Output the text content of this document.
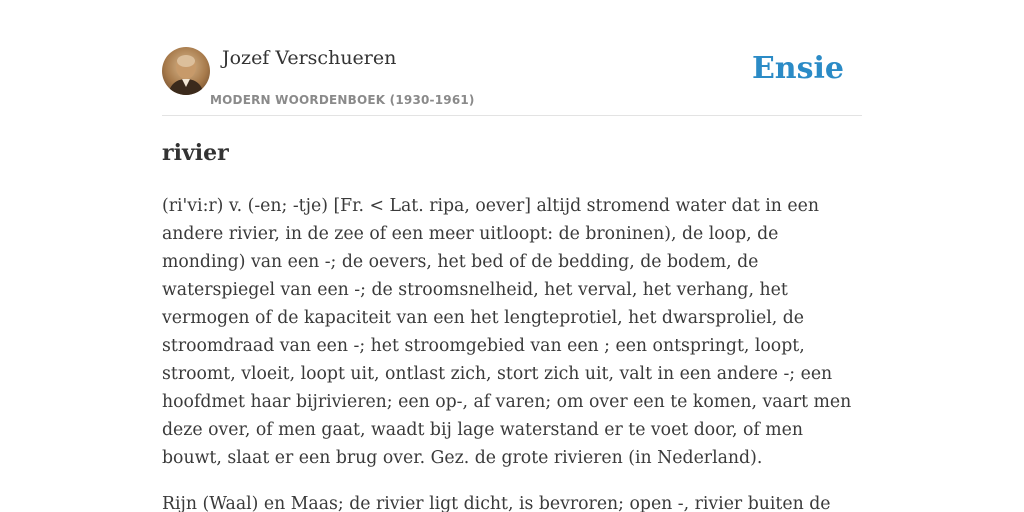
Jozef Verschueren
MODERN WOORDENBOEK (1930-1961)
Ensie
rivier

(ri'vi:r) v. (-en; -tje) [Fr. < Lat. ripa, oever] altijd stromend water dat in een andere rivier, in de zee of een meer uitloopt: de broninen), de loop, de monding) van een -; de oevers, het bed of de bedding, de bodem, de waterspiegel van een -; de stroomsnelheid, het verval, het verhang, het vermogen of de kapaciteit van een het lengteprotiel, het dwarsproliel, de stroomdraad van een -; het stroomgebied van een ; een ontspringt, loopt, stroomt, vloeit, loopt uit, ontlast zich, stort zich uit, valt in een andere -; een hoofdmet haar bijrivieren; een op-, af varen; om over een te komen, vaart men deze over, of men gaat, waadt bij lage waterstand er te voet door, of men bouwt, slaat er een brug over. Gez. de grote rivieren (in Nederland).

Rijn (Waal) en Maas; de rivier ligt dicht, is bevroren; open -, rivier buiten de
